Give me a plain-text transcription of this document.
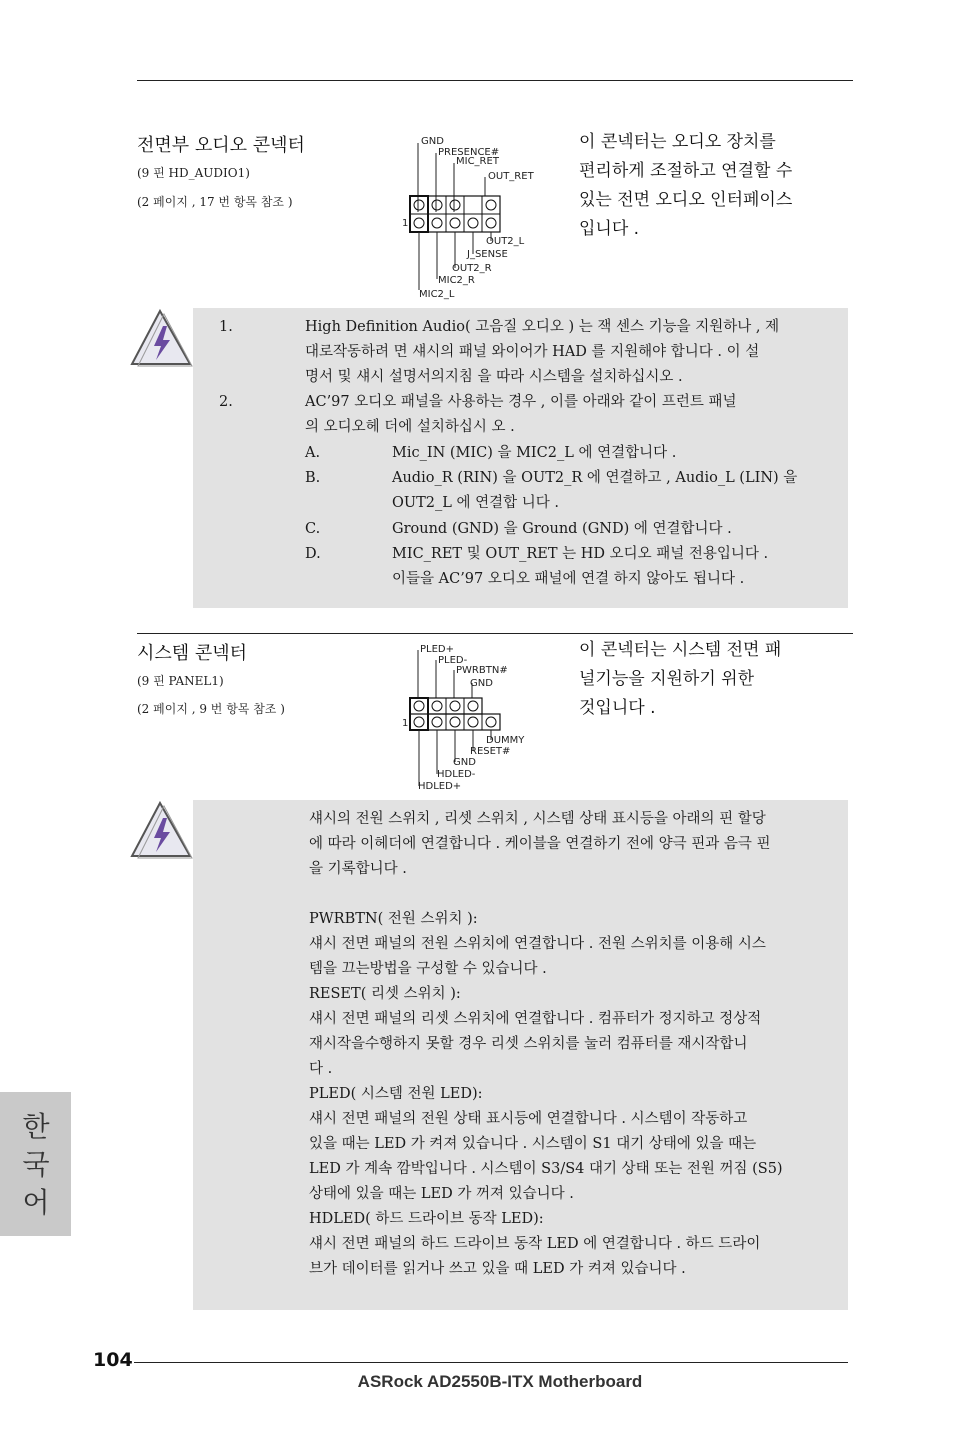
전면부 오디오 콘넥터
(9 핀 HD_AUDIO1)
(2 페이지 , 17 번 항목 참조 )
GND
PRESENCE#
MIC_RET
OUT_RET
1
OUT2_L
J_SENSE
OUT2_R
MIC2_R
MIC2_L
이 콘넥터는 오디오 장치를
편리하게 조절하고 연결할 수
있는 전면 오디오 인터페이스
입니다 .
1.	High Definition Audio( 고음질 오디오 ) 는 잭 센스 기능을 지원하나 , 제
대로작동하려 면 섀시의 패널 와이어가 HAD 를 지원해야 합니다 . 이 설
명서 및 섀시 설명서의지침 을 따라 시스템을 설치하십시오 .
2.	AC’97 오디오 패널을 사용하는 경우 , 이를 아래와 같이 프런트 패널
의 오디오헤 더에 설치하십시 오 .
A.	Mic_IN (MIC) 을 MIC2_L 에 연결합니다 .
B.	Audio_R (RIN) 을 OUT2_R 에 연결하고 , Audio_L (LIN) 을
OUT2_L 에 연결합 니다 .
C.	Ground (GND) 을 Ground (GND) 에 연결합니다 .
D.	MIC_RET 및 OUT_RET 는 HD 오디오 패널 전용입니다 .
이들을 AC’97 오디오 패널에 연결 하지 않아도 됩니다 .
시스템 콘넥터
(9 핀 PANEL1)
(2 페이지 , 9 번 항목 참조 )
PLED+
PLED-
PWRBTN#
GND
1
DUMMY
RESET#
GND
HDLED-
HDLED+
이 콘넥터는 시스템 전면 패
널기능을 지원하기 위한
것입니다 .
섀시의 전원 스위치 , 리셋 스위치 , 시스템 상태 표시등을 아래의 핀 할당
에 따라 이헤더에 연결합니다 . 케이블을 연결하기 전에 양극 핀과 음극 핀
을 기록합니다 .
PWRBTN( 전원 스위치 ):
섀시 전면 패널의 전원 스위치에 연결합니다 . 전원 스위치를 이용해 시스
템을 끄는방법을 구성할 수 있습니다 .
RESET( 리셋 스위치 ):
섀시 전면 패널의 리셋 스위치에 연결합니다 . 컴퓨터가 정지하고 정상적
재시작을수행하지 못할 경우 리셋 스위치를 눌러 컴퓨터를 재시작합니
다 .
PLED( 시스템 전원 LED):
섀시 전면 패널의 전원 상태 표시등에 연결합니다 . 시스템이 작동하고
있을 때는 LED 가 켜져 있습니다 . 시스템이 S1 대기 상태에 있을 때는
LED 가 계속 깜박입니다 . 시스템이 S3/S4 대기 상태 또는 전원 꺼짐 (S5)
상태에 있을 때는 LED 가 꺼져 있습니다 .
HDLED( 하드 드라이브 동작 LED):
섀시 전면 패널의 하드 드라이브 동작 LED 에 연결합니다 . 하드 드라이
브가 데이터를 읽거나 쓰고 있을 때 LED 가 켜져 있습니다 .
한국어
104
ASRock AD2550B-ITX Motherboard
